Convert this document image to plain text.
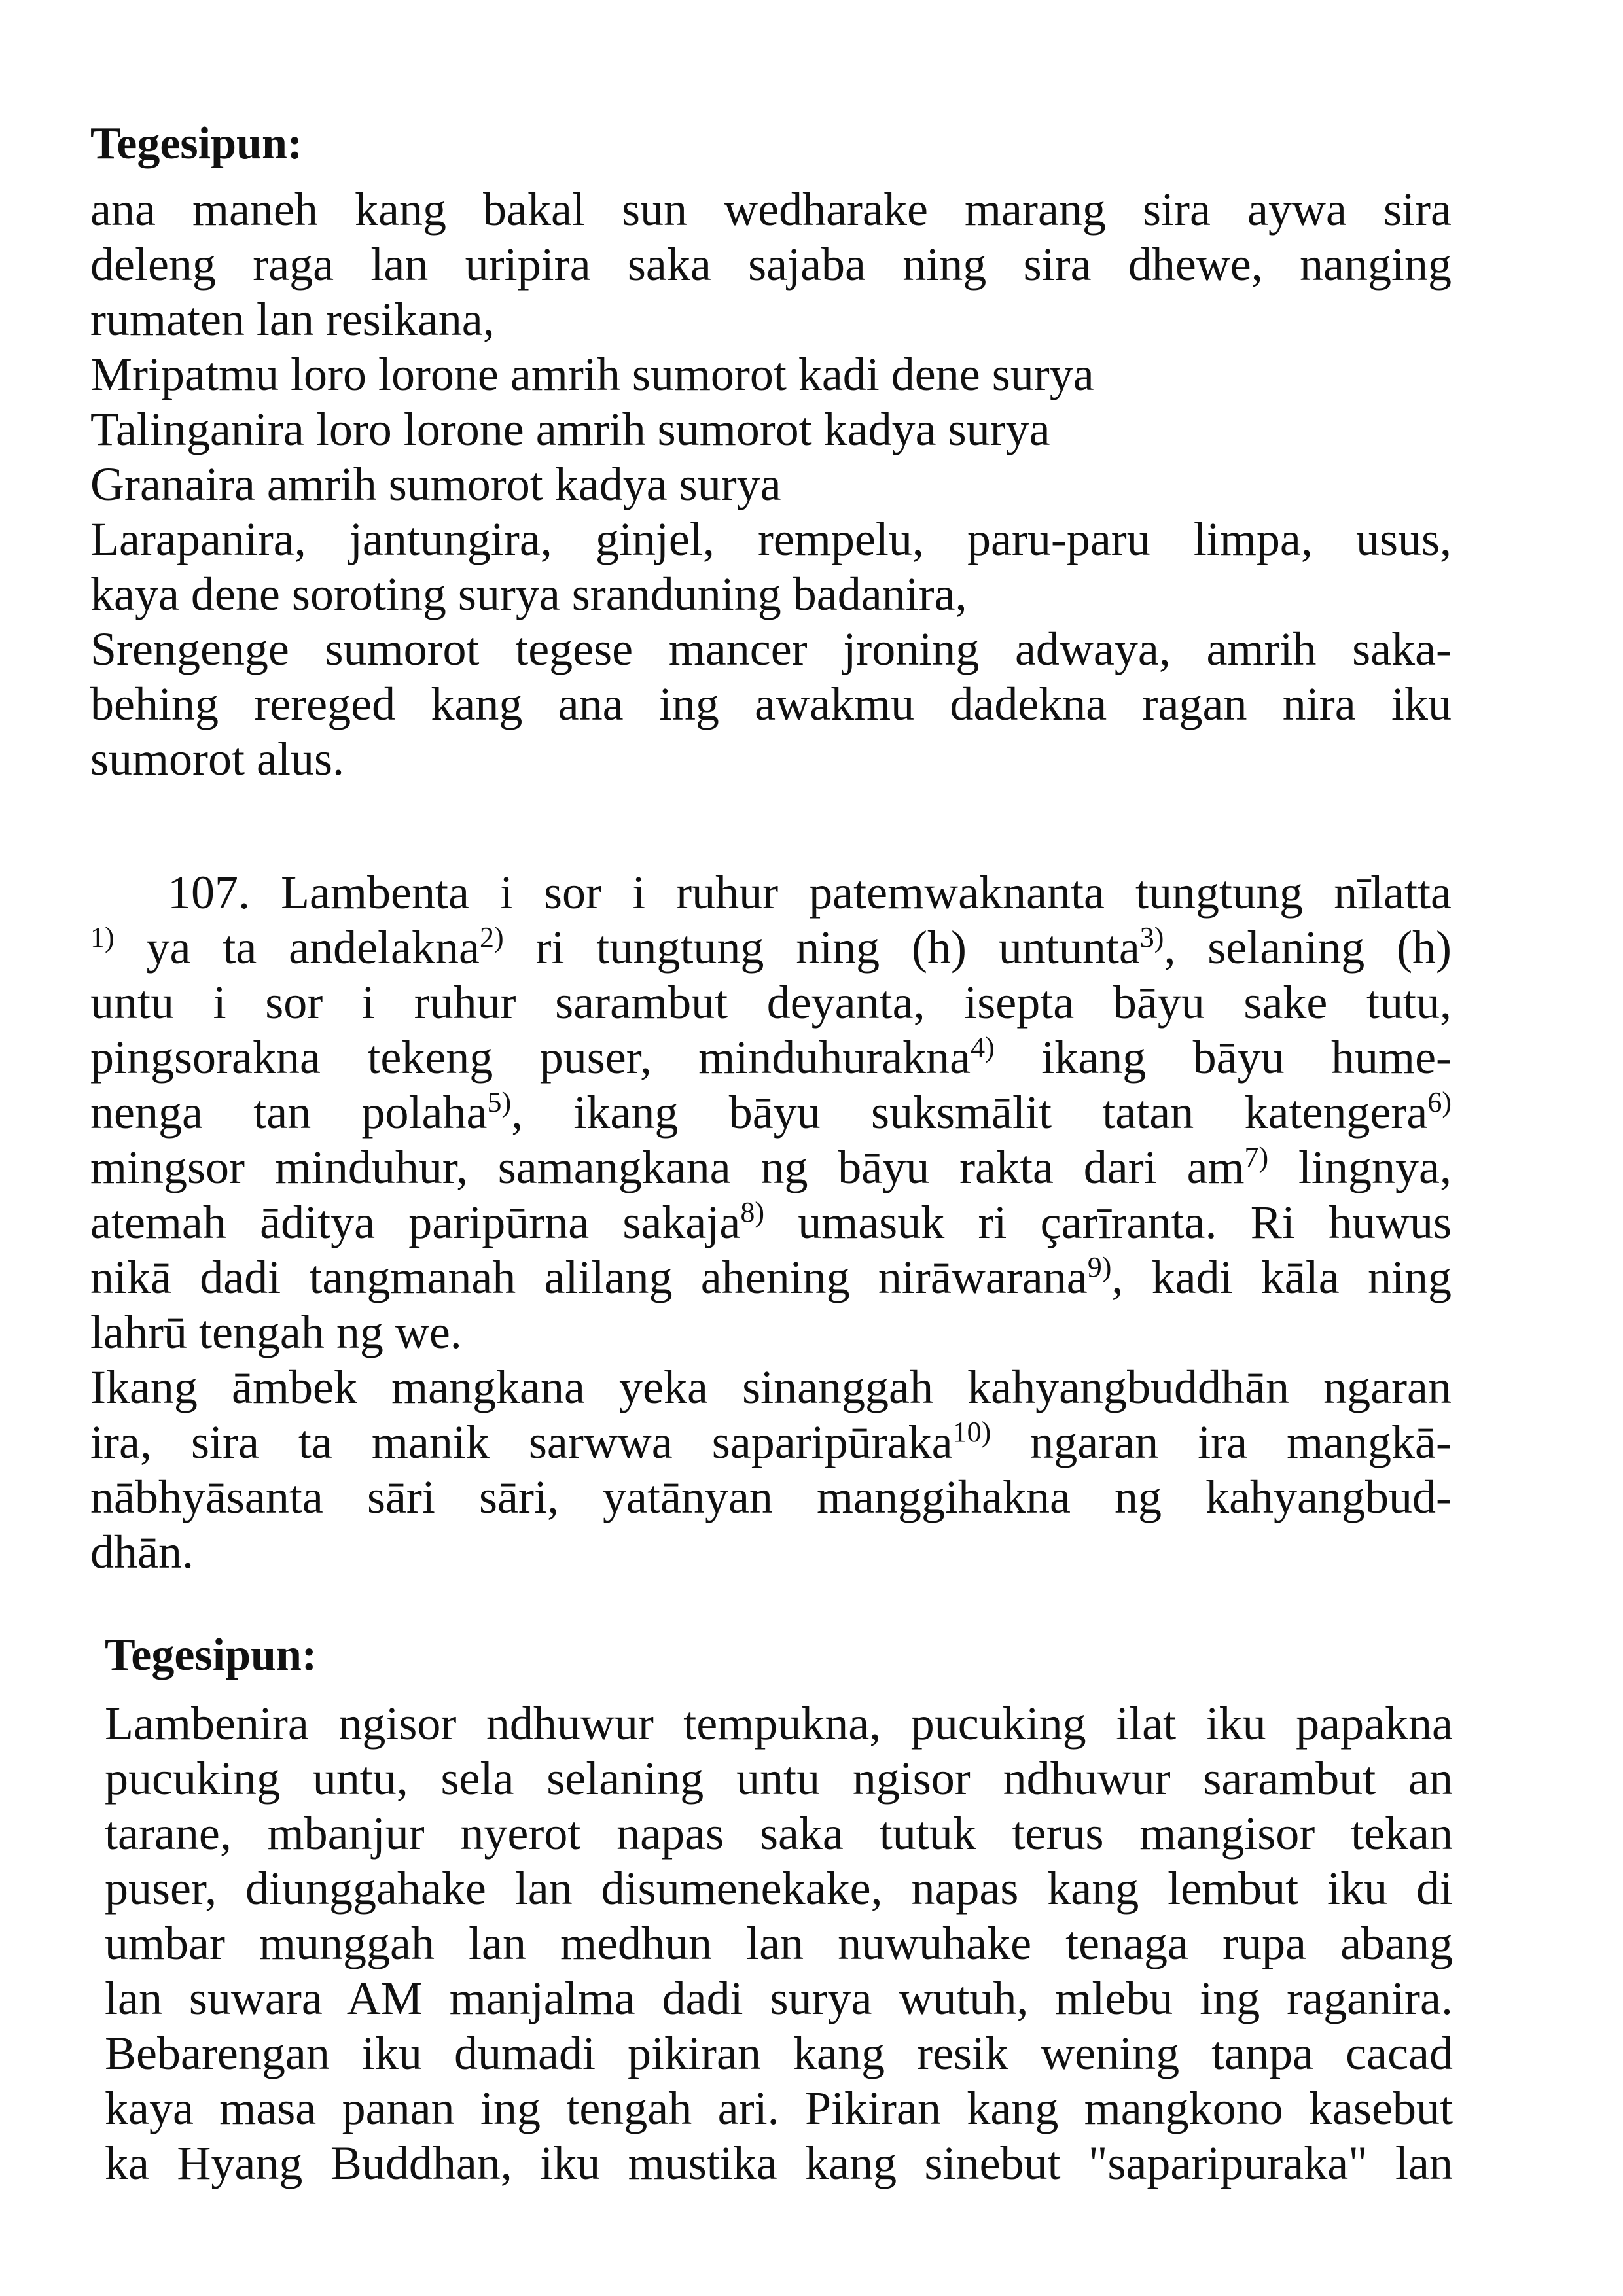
Tegesipun:
ana maneh kang bakal sun wedharake marang sira aywa sira
deleng raga lan uripira saka sajaba ning sira dhewe, nanging
rumaten lan resikana,
Mripatmu loro lorone amrih sumorot kadi dene surya
Talinganira loro lorone amrih sumorot kadya surya
Granaira amrih sumorot kadya surya
Larapanira, jantungira, ginjel, rempelu, paru-paru limpa, usus,
kaya dene soroting surya sranduning badanira,
Srengenge sumorot tegese mancer jroning adwaya, amrih saka-
behing rereged kang ana ing awakmu dadekna ragan nira iku
sumorot alus.
107. Lambenta i sor i ruhur patemwaknanta tungtung nīlatta
$^{1)}$ ya ta andelakna$^{2)}$ ri tungtung ning (h) untunta$^{3)}$, selaning (h)
untu i sor i ruhur sarambut deyanta, isepta bāyu sake tutu,
pingsorakna tekeng puser, minduhurakna$^{4)}$ ikang bāyu hume-
nenga tan polaha$^{5)}$, ikang bāyu suksmālit tatan katengera$^{6)}$
mingsor minduhur, samangkana ng bāyu rakta dari $am^{7)}$ lingnya,
atemah āditya paripūrna sakaja$^{8)}$ umasuk ri çarīranta. Ri huwus
nikā dadi tangmanah alilang ahening nirāwarana$^{9)}$, kadi kāla ning
lahrū tengah ng we.
Ikang āmbek mangkana yeka sinanggah kahyangbuddhān ngaran
ira, sira ta manik sarwwa saparipūraka$^{10)}$ ngaran ira mangkā-
nābhyāsanta sāri sāri, yatānyan manggihakna ng kahyangbud-
dhān.
Tegesipun:
Lambenira ngisor ndhuwur tempukna, pucuking ilat iku papakna
pucuking untu, sela selaning untu ngisor ndhuwur sarambut an
tarane, mbanjur nyerot napas saka tutuk terus mangisor tekan
puser, diunggahake lan disumenekake, napas kang lembut iku di
umbar munggah lan medhun lan nuwuhake tenaga rupa abang
lan suwara AM manjalma dadi surya wutuh, mlebu ing raganira.
Bebarengan iku dumadi pikiran kang resik wening tanpa cacad
kaya masa panan ing tengah ari. Pikiran kang mangkono kasebut
ka Hyang Buddhan, iku mustika kang sinebut "saparipuraka" lan
